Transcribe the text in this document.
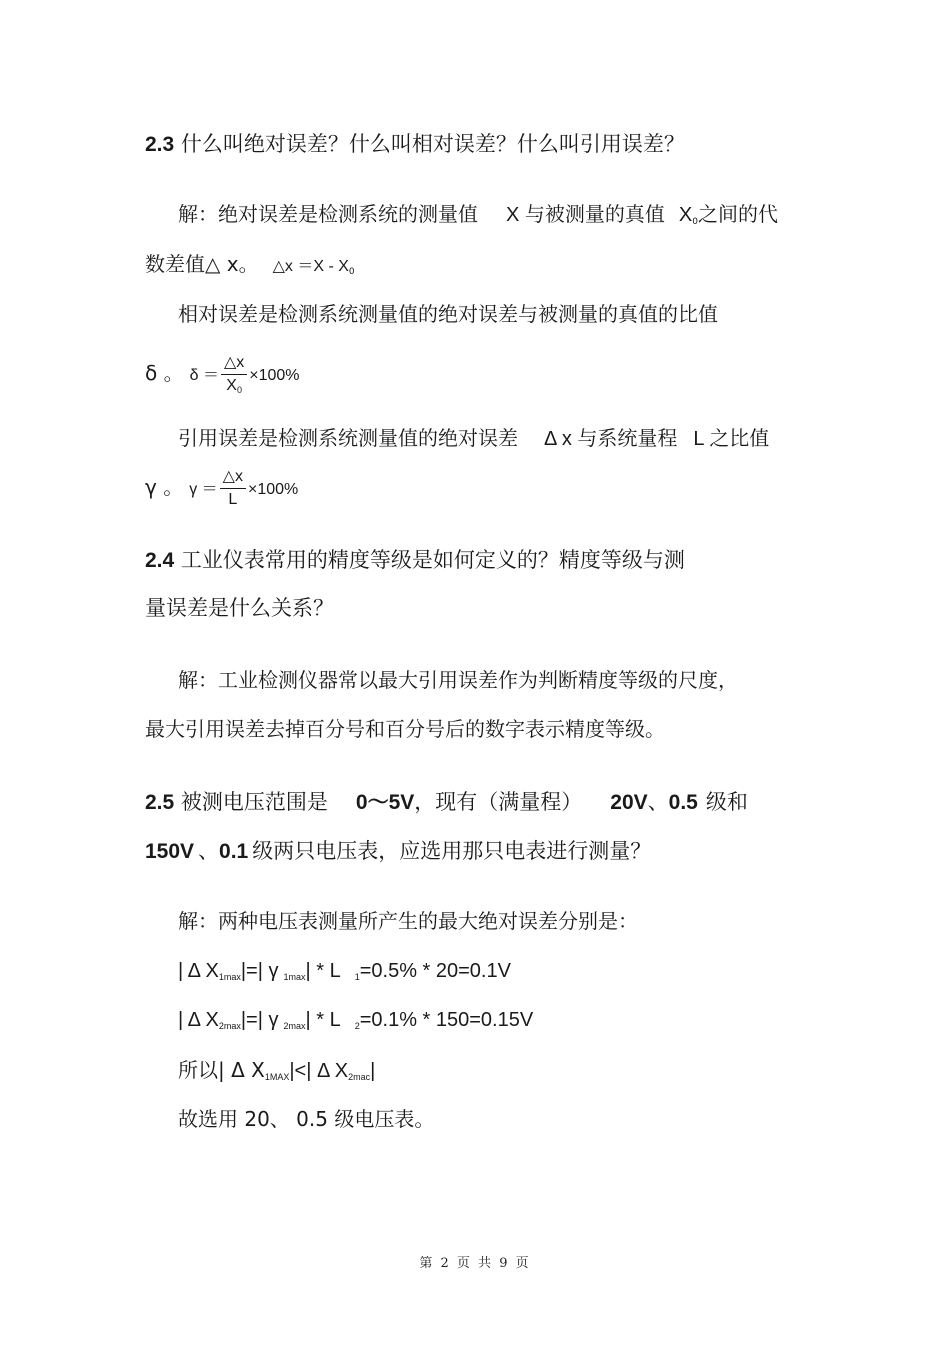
2.3 什么叫绝对误差？什么叫相对误差？什么叫引用误差？
解：绝对误差是检测系统的测量值 X 与被测量的真值 X0之间的代
数差值△ x。 △x ＝X - X0
相对误差是检测系统测量值的绝对误差与被测量的真值的比值
δ 。 $\delta = \frac{\triangle x}{X0} \times 100\%$
引用误差是检测系统测量值的绝对误差 Δ x 与系统量程 L 之比值
γ 。 $\gamma = \frac{\triangle x}{L} \times 100\%$
2.4 工业仪表常用的精度等级是如何定义的？精度等级与测
量误差是什么关系？
解：工业检测仪器常以最大引用误差作为判断精度等级的尺度，
最大引用误差去掉百分号和百分号后的数字表示精度等级。
2.5 被测电压范围是 0～5V，现有（满量程） 20V、0.5 级和
150V 、0.1 级两只电压表，应选用那只电表进行测量？
解：两种电压表测量所产生的最大绝对误差分别是：
| Δ X1max|=| γ 1max| * L 1=0.5% * 20=0.1V
| Δ X2max|=| γ 2max| * L 2=0.1% * 150=0.15V
所以| Δ X1MAX|<| Δ X2mac|
故选用 20、 0.5 级电压表。
第 2 页 共 9 页
